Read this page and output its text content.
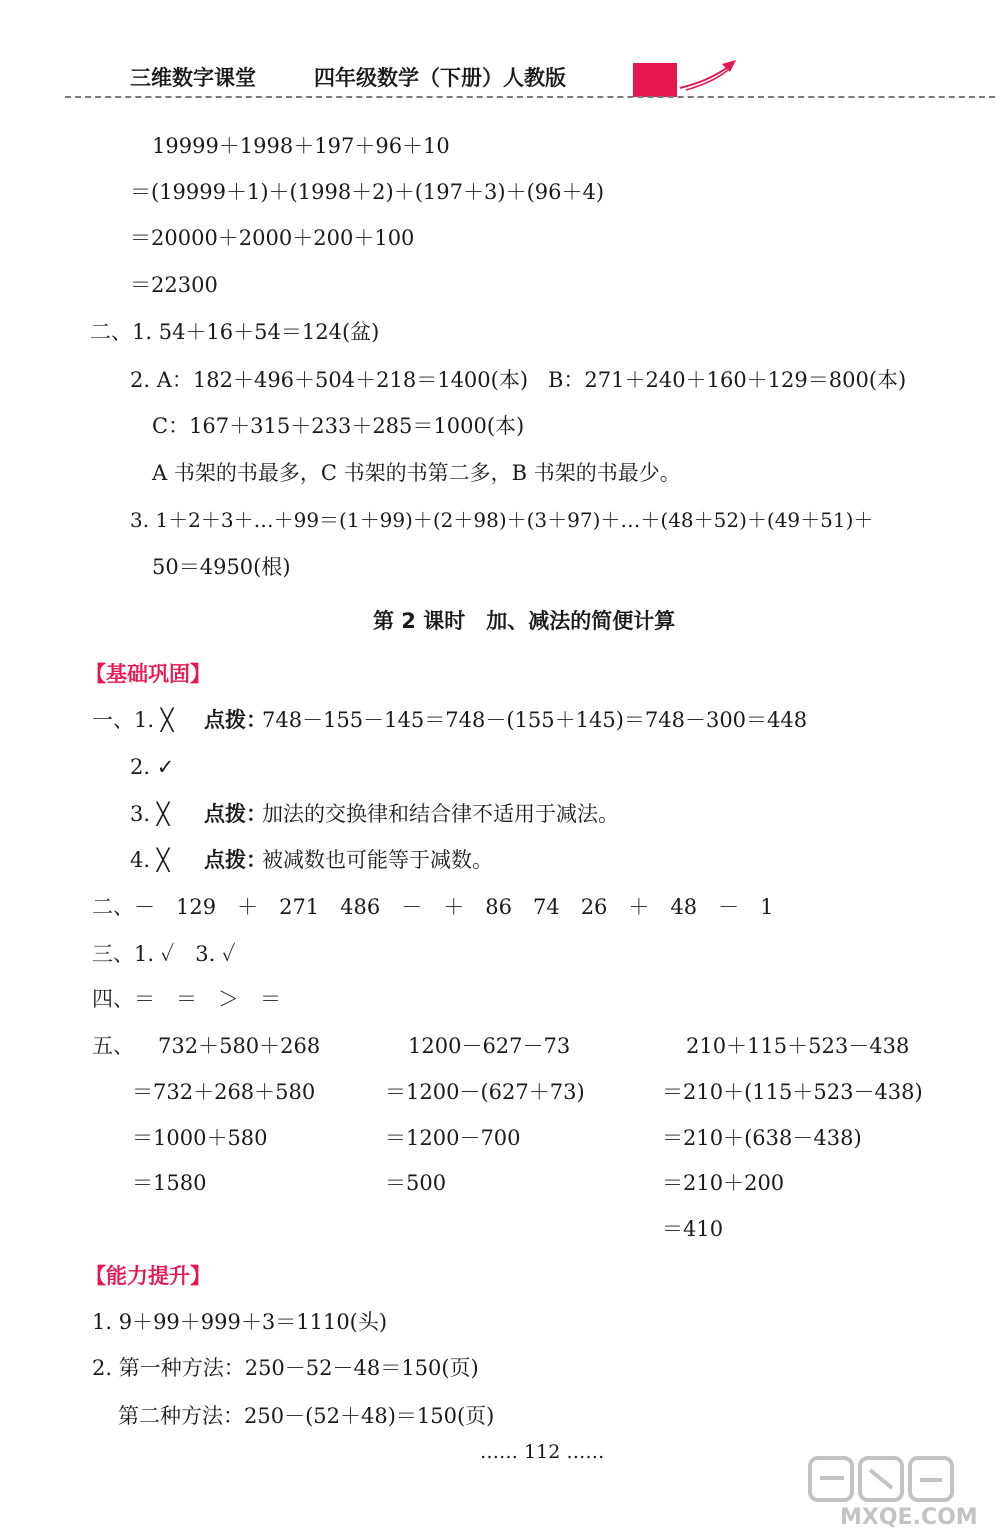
三维数字课堂	四年级数学（下册）人教版
19999＋1998＋197＋96＋10
＝(19999＋1)＋(1998＋2)＋(197＋3)＋(96＋4)
＝20000＋2000＋200＋100
＝22300
二、1. 54＋16＋54＝124(盆)
2. A：182＋496＋504＋218＝1400(本) B：271＋240＋160＋129＝800(本)
C：167＋315＋233＋285＝1000(本)
A 书架的书最多，C 书架的书第二多，B 书架的书最少。
3. 1＋2＋3＋…＋99＝(1＋99)＋(2＋98)＋(3＋97)＋…＋(48＋52)＋(49＋51)＋
50＝4950(根)
第 2 课时　加、减法的简便计算
【基础巩固】
一、1. ╳ 点拨：
748－155－145＝748－(155＋145)＝748－300＝448
2. ✓
3. ╳ 点拨：
加法的交换律和结合律不适用于减法。
4. ╳ 点拨：
被减数也可能等于减数。
二、－　129　＋　271　486　－　＋　86　74　26　＋　48　－　1
三、1. ✓　3. ✓
四、＝　＝　＞　＝
五、 732＋580＋268
＝732＋268＋580
＝1000＋580
＝1580
1200－627－73
＝1200－(627＋73)
＝1200－700
＝500
210＋115＋523－438
＝210＋(115＋523－438)
＝210＋(638－438)
＝210＋200
＝410
【能力提升】
1. 9＋99＋999＋3＝1110(头)
2. 第一种方法：250－52－48＝150(页)
第二种方法：250－(52＋48)＝150(页)
…… 112 ……
MXQE.COM
